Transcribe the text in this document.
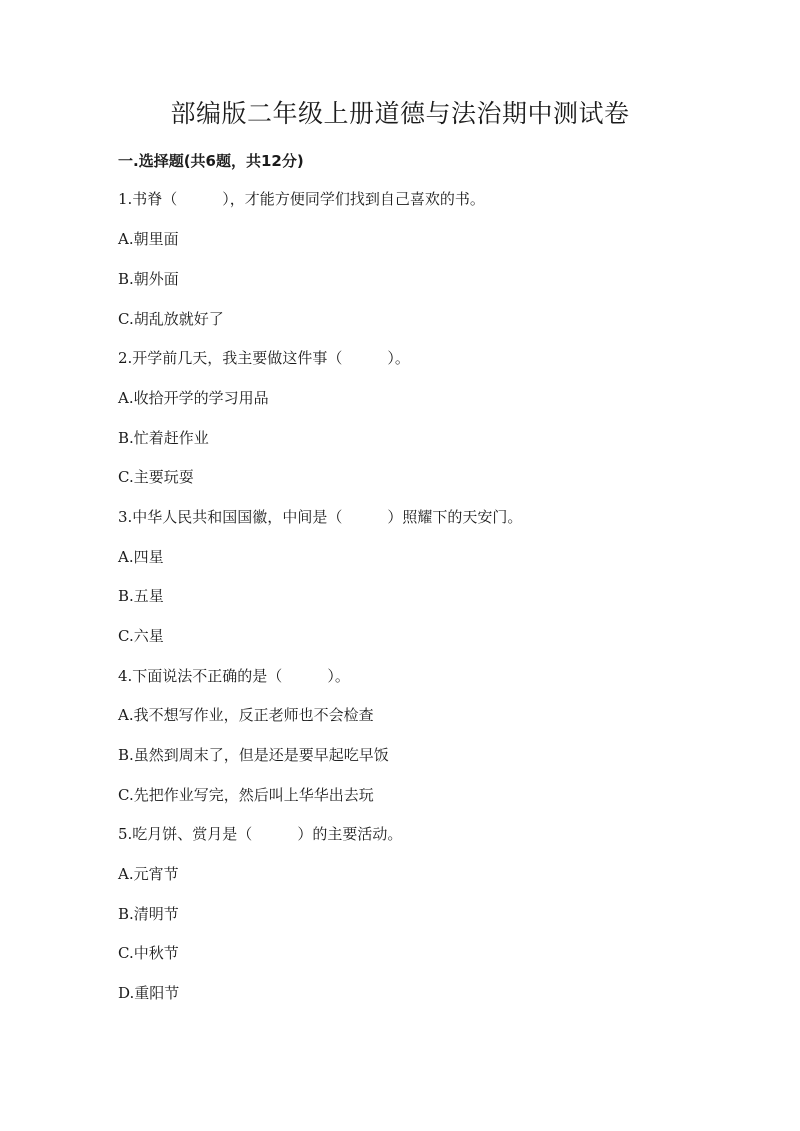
部编版二年级上册道德与法治期中测试卷
一.选择题(共6题，共12分)
1.书脊（　　　），才能方便同学们找到自己喜欢的书。
A.朝里面
B.朝外面
C.胡乱放就好了
2.开学前几天，我主要做这件事（　　　）。
A.收拾开学的学习用品
B.忙着赶作业
C.主要玩耍
3.中华人民共和国国徽，中间是（　　　）照耀下的天安门。
A.四星
B.五星
C.六星
4.下面说法不正确的是（　　　）。
A.我不想写作业，反正老师也不会检查
B.虽然到周末了，但是还是要早起吃早饭
C.先把作业写完，然后叫上华华出去玩
5.吃月饼、赏月是（　　　）的主要活动。
A.元宵节
B.清明节
C.中秋节
D.重阳节
